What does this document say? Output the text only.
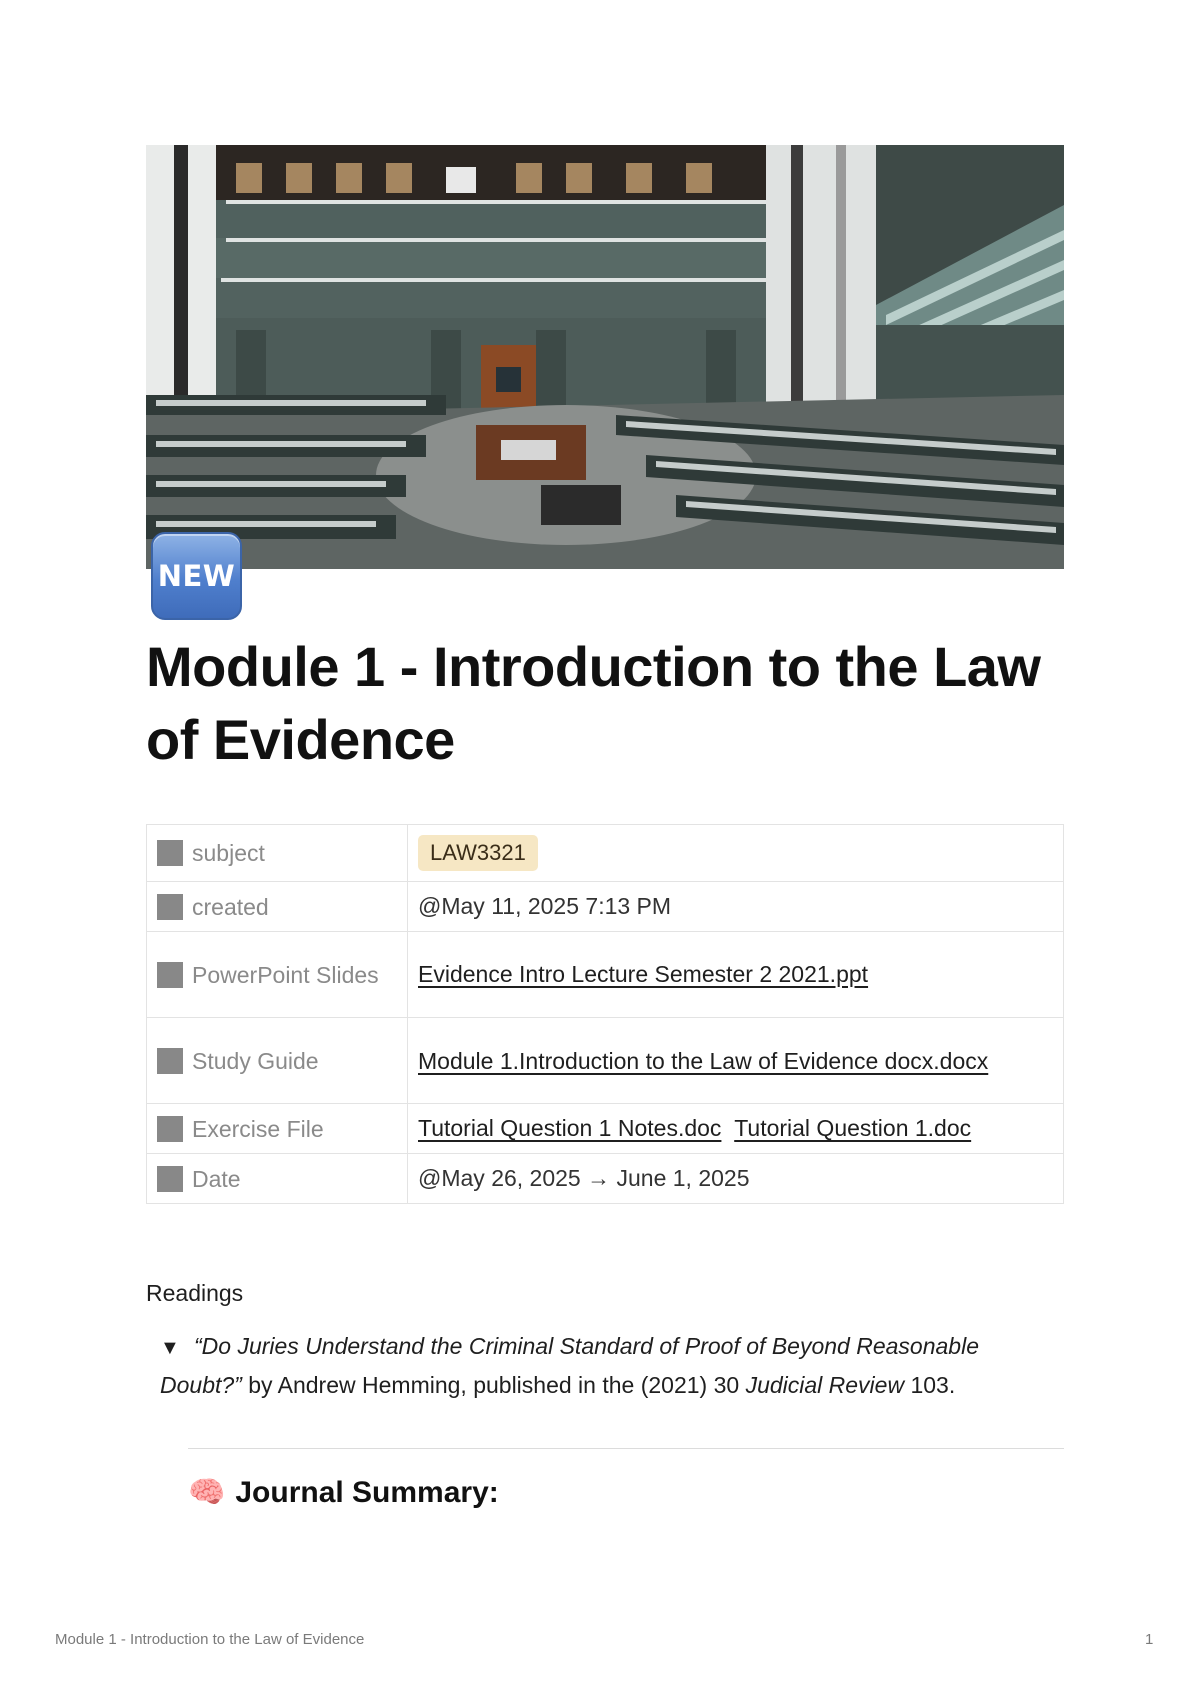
NEW
Module 1 - Introduction to the Law of Evidence
subject	LAW3321
created	@May 11, 2025 7:13 PM
PowerPoint Slides	Evidence Intro Lecture Semester 2 2021.ppt
Study Guide	Module 1.Introduction to the Law of Evidence docx.docx
Exercise File	Tutorial Question 1 Notes.doc Tutorial Question 1.doc
Date	@May 26, 2025 → June 1, 2025
Readings
▼ “Do Juries Understand the Criminal Standard of Proof of Beyond Reasonable Doubt?” by Andrew Hemming, published in the (2021) 30 Judicial Review 103.
🧠 Journal Summary:
Module 1 - Introduction to the Law of Evidence	1
